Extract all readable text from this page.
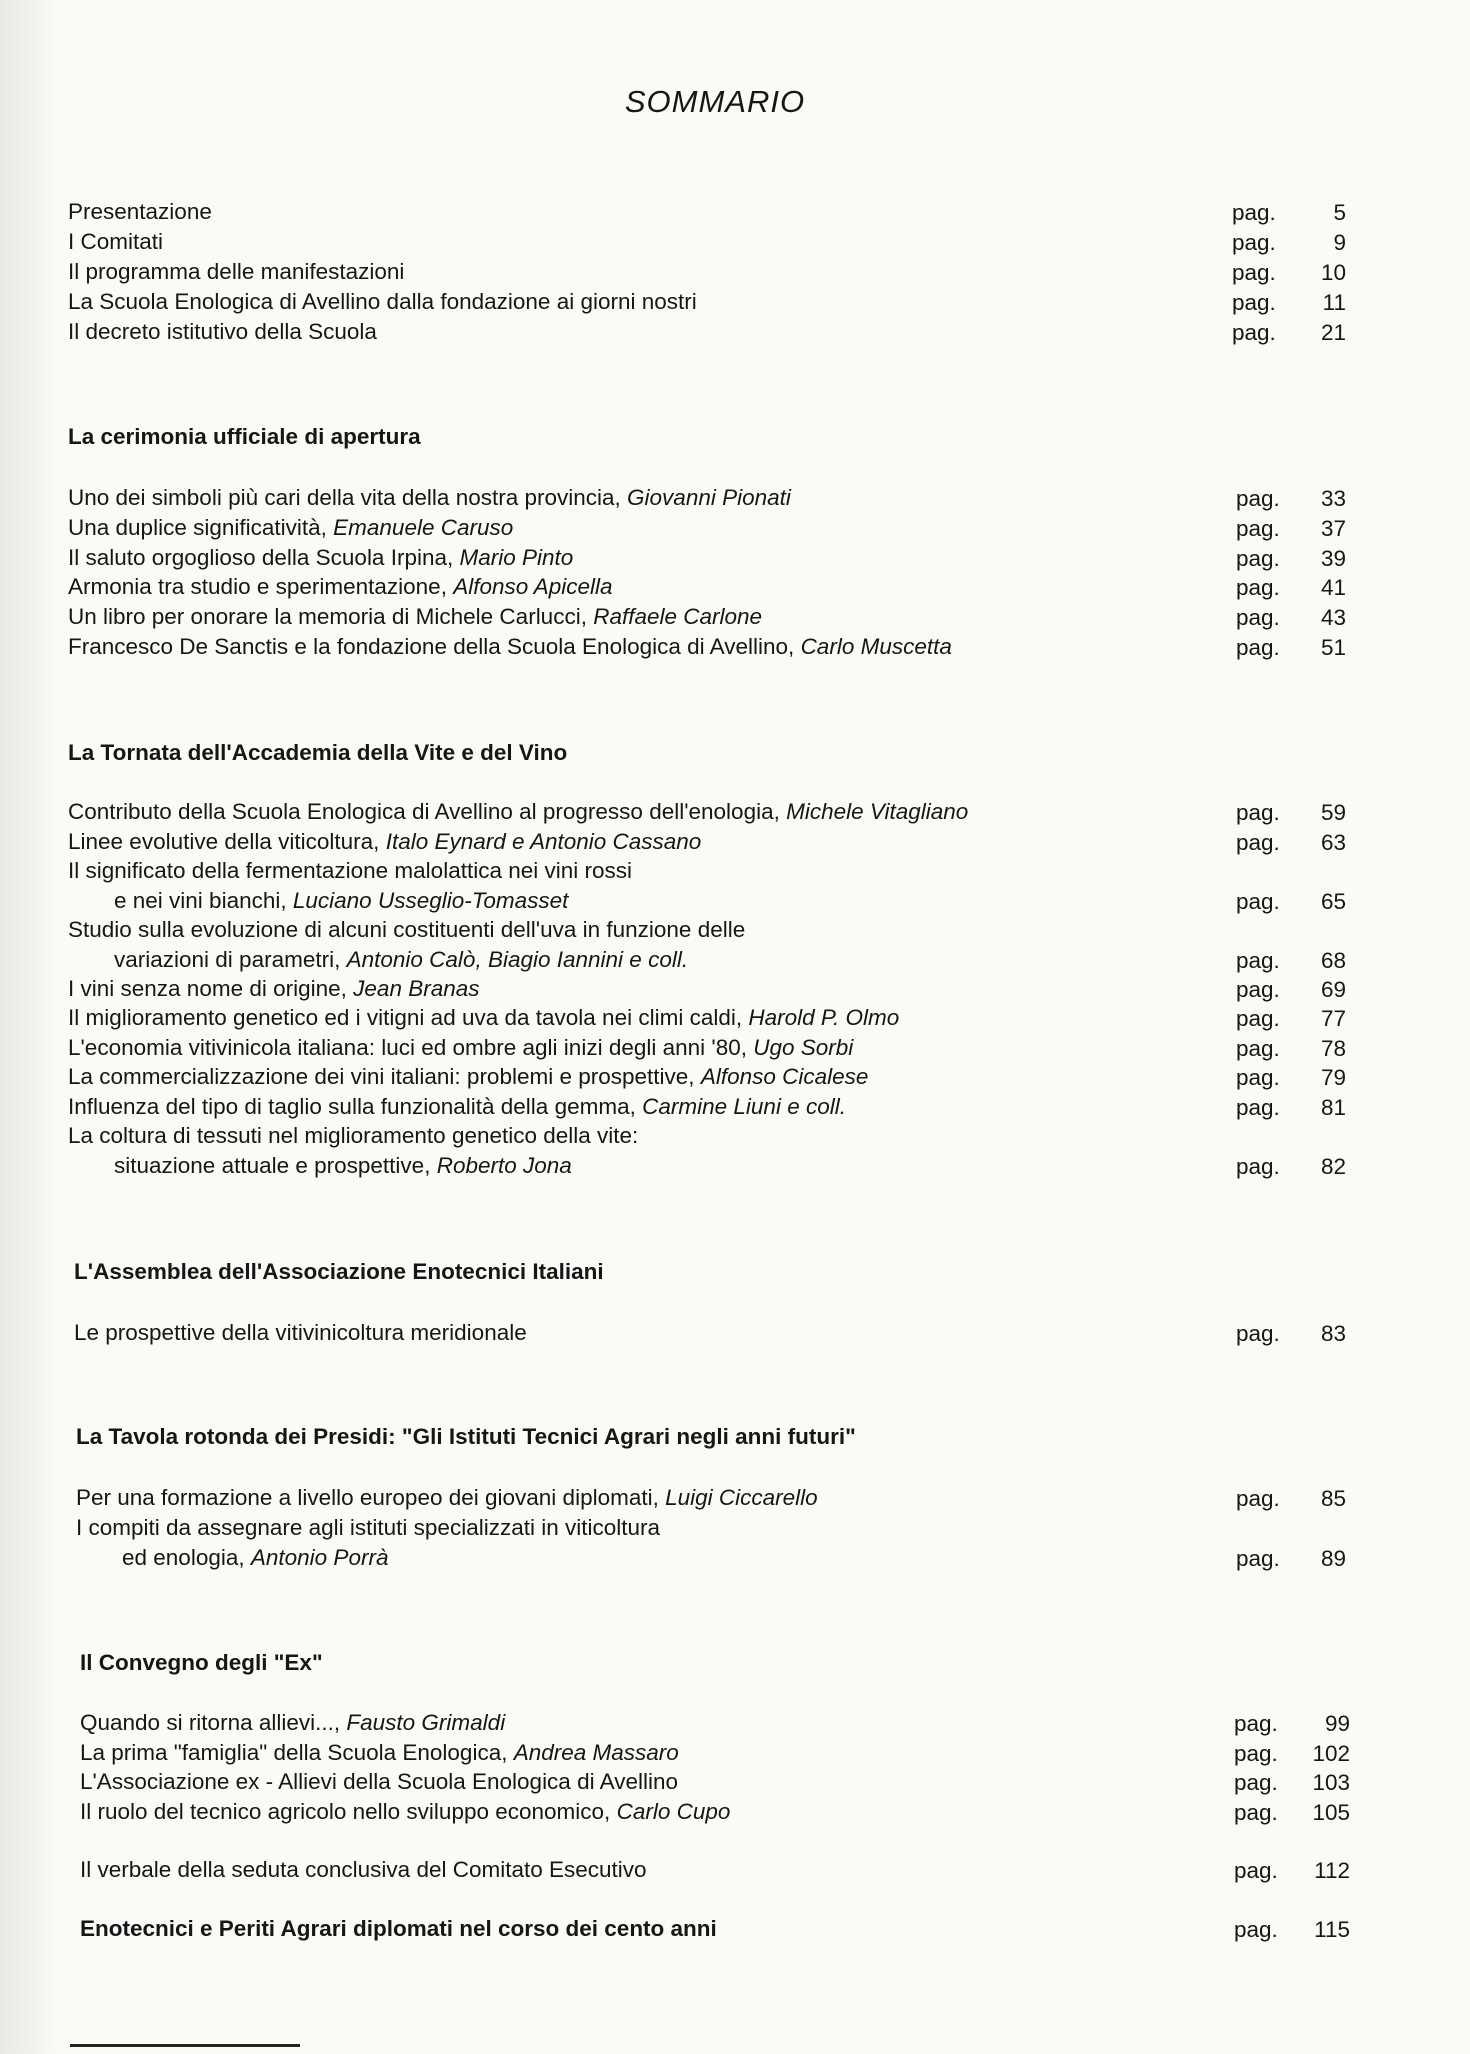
SOMMARIO
Presentazione	pag.	5
I Comitati	pag.	9
Il programma delle manifestazioni	pag.	10
La Scuola Enologica di Avellino dalla fondazione ai giorni nostri	pag.	11
Il decreto istitutivo della Scuola	pag.	21
La cerimonia ufficiale di apertura
Uno dei simboli più cari della vita della nostra provincia, Giovanni Pionati	pag.	33
Una duplice significatività, Emanuele Caruso	pag.	37
Il saluto orgoglioso della Scuola Irpina, Mario Pinto	pag.	39
Armonia tra studio e sperimentazione, Alfonso Apicella	pag.	41
Un libro per onorare la memoria di Michele Carlucci, Raffaele Carlone	pag.	43
Francesco De Sanctis e la fondazione della Scuola Enologica di Avellino, Carlo Muscetta	pag.	51
La Tornata dell'Accademia della Vite e del Vino
Contributo della Scuola Enologica di Avellino al progresso dell'enologia, Michele Vitagliano	pag.	59
Linee evolutive della viticoltura, Italo Eynard e Antonio Cassano	pag.	63
Il significato della fermentazione malolattica nei vini rossi
e nei vini bianchi, Luciano Usseglio-Tomasset	pag.	65
Studio sulla evoluzione di alcuni costituenti dell'uva in funzione delle
variazioni di parametri, Antonio Calò, Biagio Iannini e coll.	pag.	68
I vini senza nome di origine, Jean Branas	pag.	69
Il miglioramento genetico ed i vitigni ad uva da tavola nei climi caldi, Harold P. Olmo	pag.	77
L'economia vitivinicola italiana: luci ed ombre agli inizi degli anni '80, Ugo Sorbi	pag.	78
La commercializzazione dei vini italiani: problemi e prospettive, Alfonso Cicalese	pag.	79
Influenza del tipo di taglio sulla funzionalità della gemma, Carmine Liuni e coll.	pag.	81
La coltura di tessuti nel miglioramento genetico della vite:
situazione attuale e prospettive, Roberto Jona	pag.	82
L'Assemblea dell'Associazione Enotecnici Italiani
Le prospettive della vitivinicoltura meridionale	pag.	83
La Tavola rotonda dei Presidi: "Gli Istituti Tecnici Agrari negli anni futuri"
Per una formazione a livello europeo dei giovani diplomati, Luigi Ciccarello	pag.	85
I compiti da assegnare agli istituti specializzati in viticoltura
ed enologia, Antonio Porrà	pag.	89
Il Convegno degli "Ex"
Quando si ritorna allievi..., Fausto Grimaldi	pag.	99
La prima "famiglia" della Scuola Enologica, Andrea Massaro	pag.	102
L'Associazione ex - Allievi della Scuola Enologica di Avellino	pag.	103
Il ruolo del tecnico agricolo nello sviluppo economico, Carlo Cupo	pag.	105
Il verbale della seduta conclusiva del Comitato Esecutivo	pag.	112
Enotecnici e Periti Agrari diplomati nel corso dei cento anni	pag.	115
